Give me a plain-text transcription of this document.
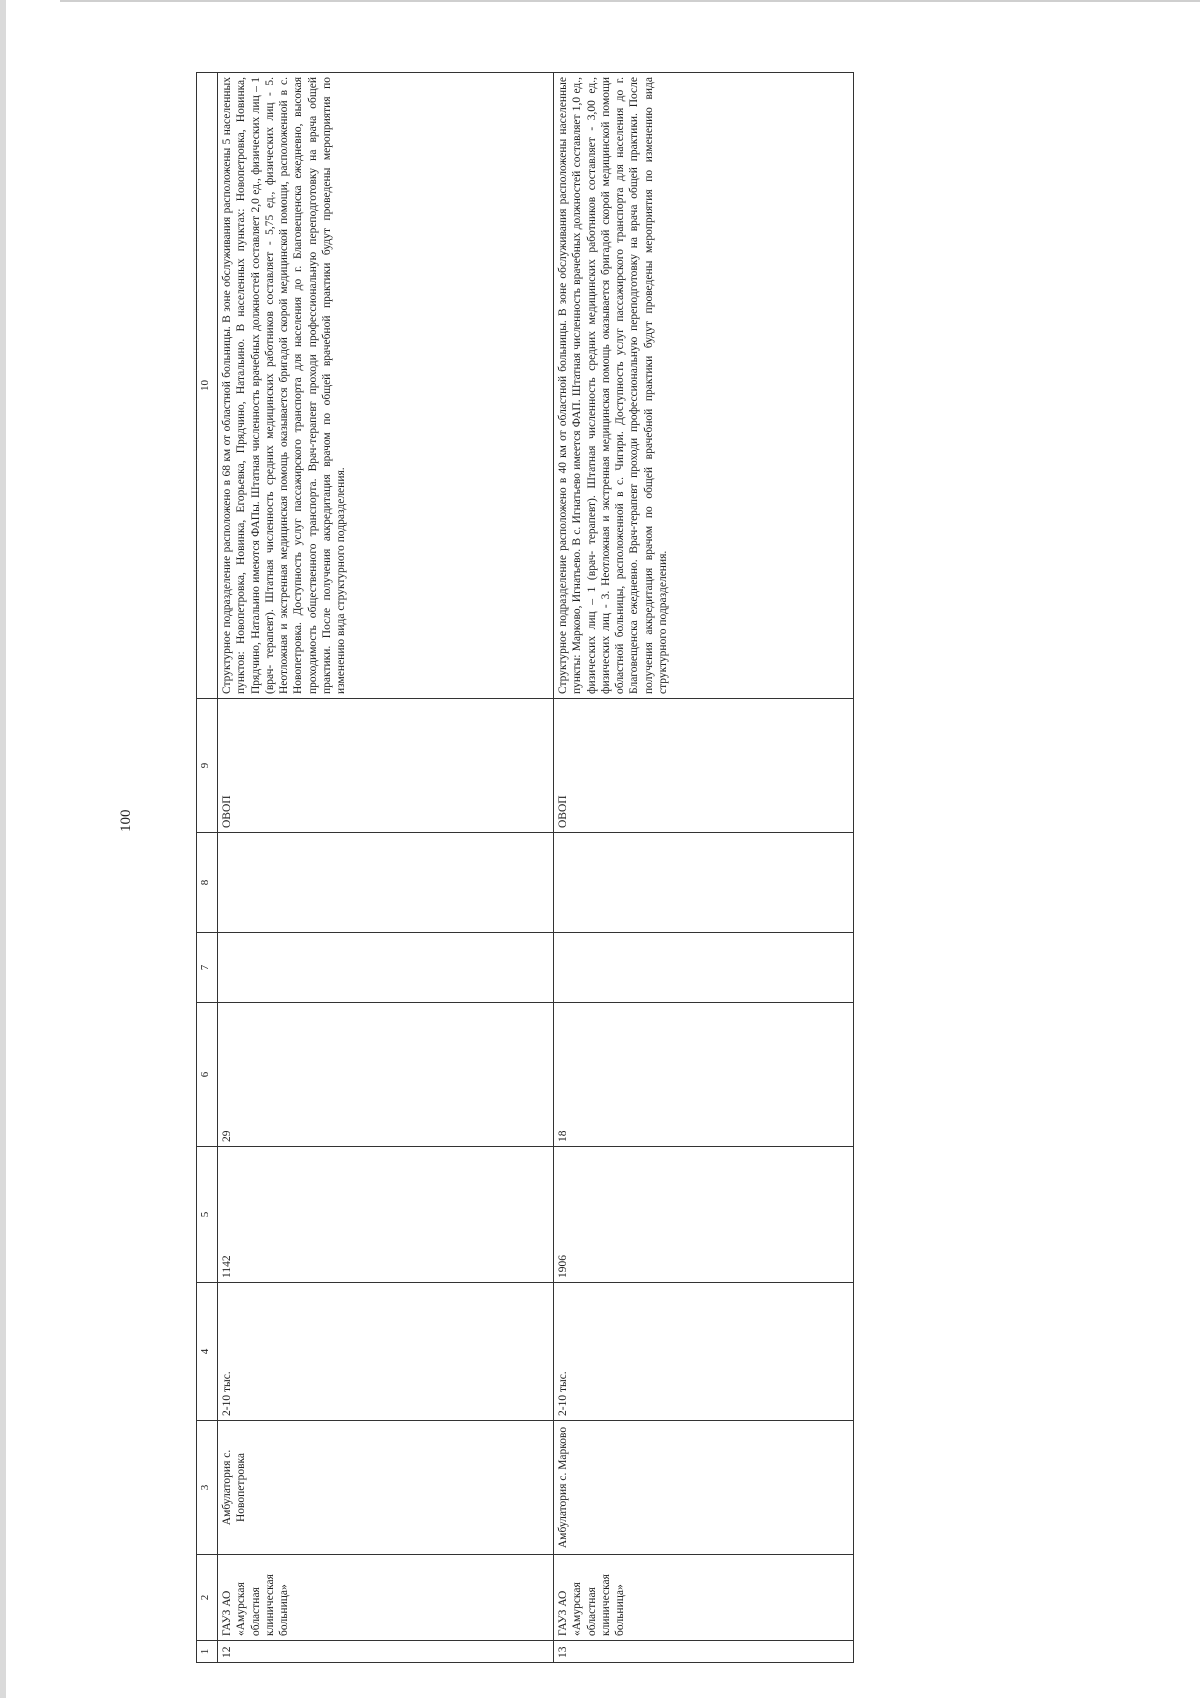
100
1	2	3	4	5	6	7	8	9	10
12	ГАУЗ АО «Амурская областная клиническая больница»	Амбулатория с. Новопетровка	2-10 тыс.	1142	29			ОВОП	Структурное подразделение расположено в 68 км от областной больницы. В зоне обслуживания расположены 5 населенных пунктов: Новопетровка, Новинка, Егорьевка, Прядчино, Натальино. В населенных пунктах: Новопетровка, Новинка, Прядчино, Натальино имеются ФАПы. Штатная численность врачебных должностей составляет 2,0 ед., физических лиц – 1 (врач- терапевт). Штатная численность средних медицинских работников составляет - 5,75 ед., физических лиц - 5. Неотложная и экстренная медицинская помощь оказывается бригадой скорой медицинской помощи, расположенной в с. Новопетровка. Доступность услуг пассажирского транспорта для населения до г. Благовещенска ежедневно, высокая проходимость общественного транспорта. Врач-терапевт проходи профессиональную переподготовку на врача общей практики. После получения аккредитация врачом по общей врачебной практики будут проведены мероприятия по изменению вида структурного подразделения.
13	ГАУЗ АО «Амурская областная клиническая больница»	Амбулатория с. Марково	2-10 тыс.	1906	18			ОВОП	Структурное подразделение расположено в 40 км от областной больницы. В зоне обслуживания расположены населенные пункты: Марково, Игнатьево. В с. Игнатьево имеется ФАП. Штатная численность врачебных должностей составляет 1,0 ед., физических лиц – 1 (врач- терапевт). Штатная численность средних медицинских работников составляет - 3,00 ед., физических лиц - 3. Неотложная и экстренная медицинская помощь оказывается бригадой скорой медицинской помощи областной больницы, расположенной в с. Чигири. Доступность услуг пассажирского транспорта для населения до г. Благовещенска ежедневно. Врач-терапевт проходи профессиональную переподготовку на врача общей практики. После получения аккредитация врачом по общей врачебной практики будут проведены мероприятия по изменению вида структурного подразделения.
